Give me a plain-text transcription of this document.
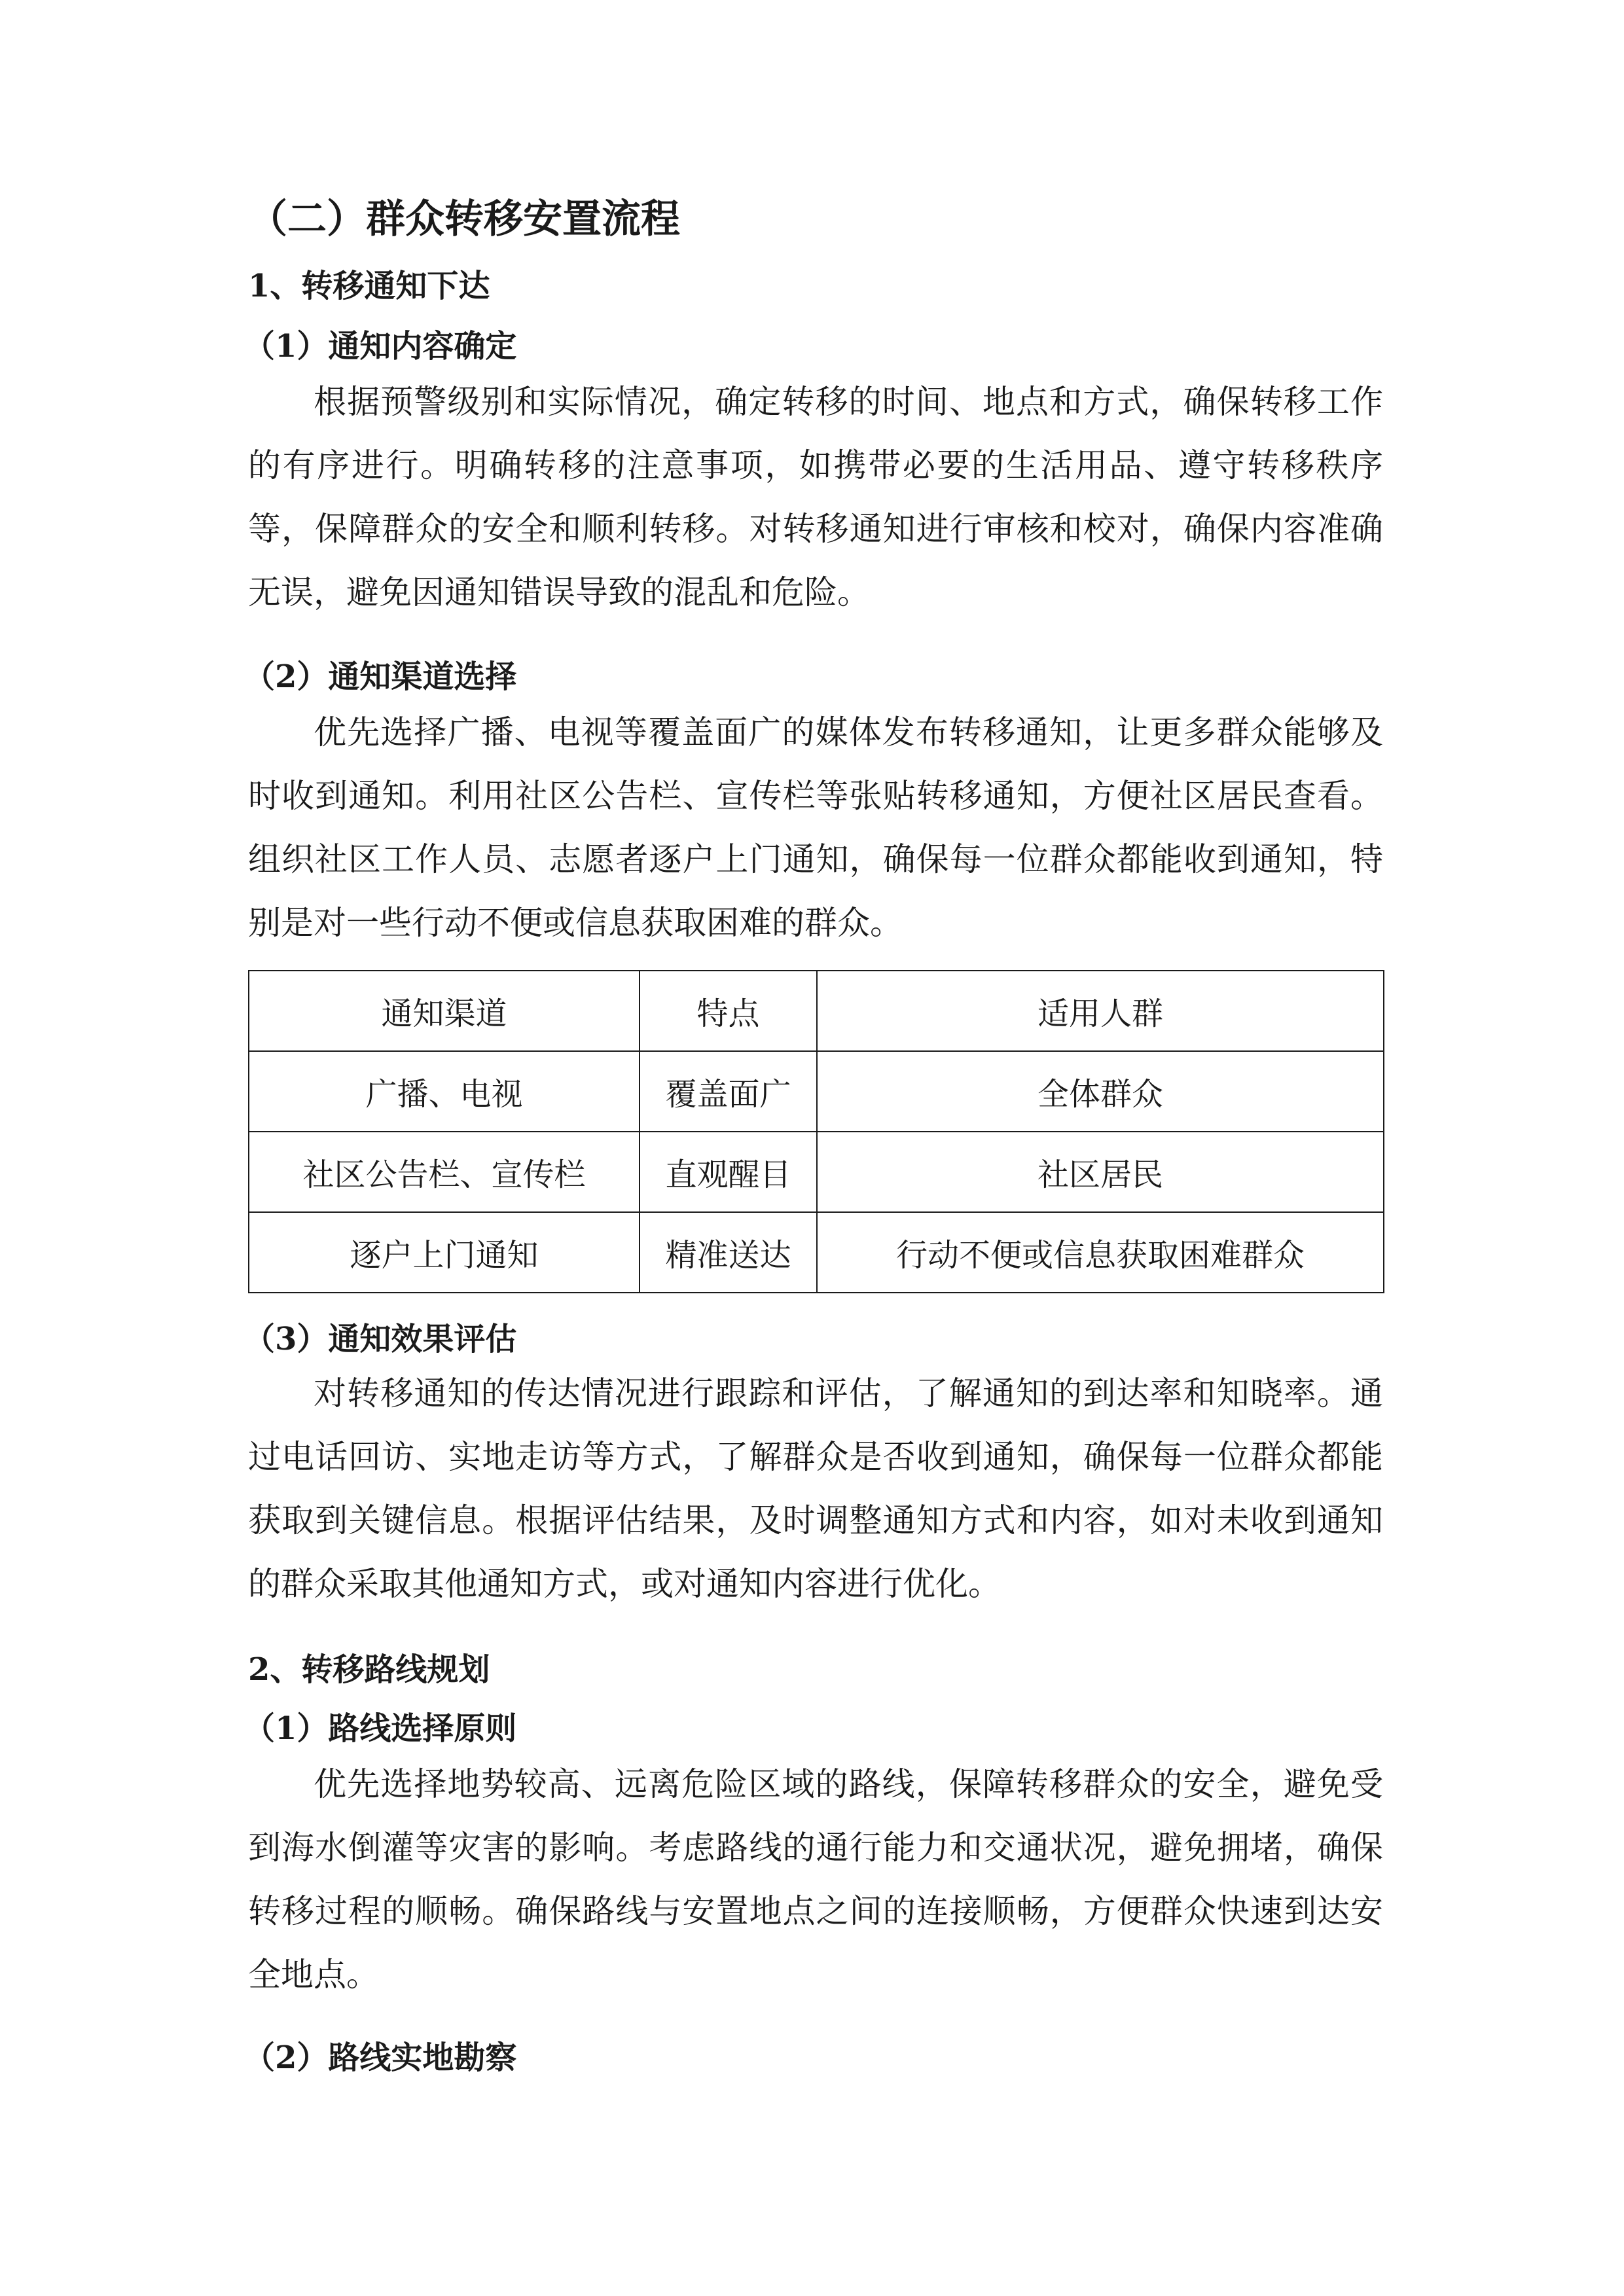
（二）群众转移安置流程
1、转移通知下达
（1）通知内容确定

根据预警级别和实际情况，确定转移的时间、地点和方式，确保转移工作

的有序进行。明确转移的注意事项，如携带必要的生活用品、遵守转移秩序

等，保障群众的安全和顺利转移。对转移通知进行审核和校对，确保内容准确

无误，避免因通知错误导致的混乱和危险。

（2）通知渠道选择

优先选择广播、电视等覆盖面广的媒体发布转移通知，让更多群众能够及

时收到通知。利用社区公告栏、宣传栏等张贴转移通知，方便社区居民查看。

组织社区工作人员、志愿者逐户上门通知，确保每一位群众都能收到通知，特

别是对一些行动不便或信息获取困难的群众。

通知渠道	特点	适用人群
广播、电视	覆盖面广	全体群众
社区公告栏、宣传栏	直观醒目	社区居民
逐户上门通知	精准送达	行动不便或信息获取困难群众
（3）通知效果评估

对转移通知的传达情况进行跟踪和评估，了解通知的到达率和知晓率。通

过电话回访、实地走访等方式，了解群众是否收到通知，确保每一位群众都能

获取到关键信息。根据评估结果，及时调整通知方式和内容，如对未收到通知

的群众采取其他通知方式，或对通知内容进行优化。

2、转移路线规划
（1）路线选择原则

优先选择地势较高、远离危险区域的路线，保障转移群众的安全，避免受

到海水倒灌等灾害的影响。考虑路线的通行能力和交通状况，避免拥堵，确保

转移过程的顺畅。确保路线与安置地点之间的连接顺畅，方便群众快速到达安

全地点。

（2）路线实地勘察
